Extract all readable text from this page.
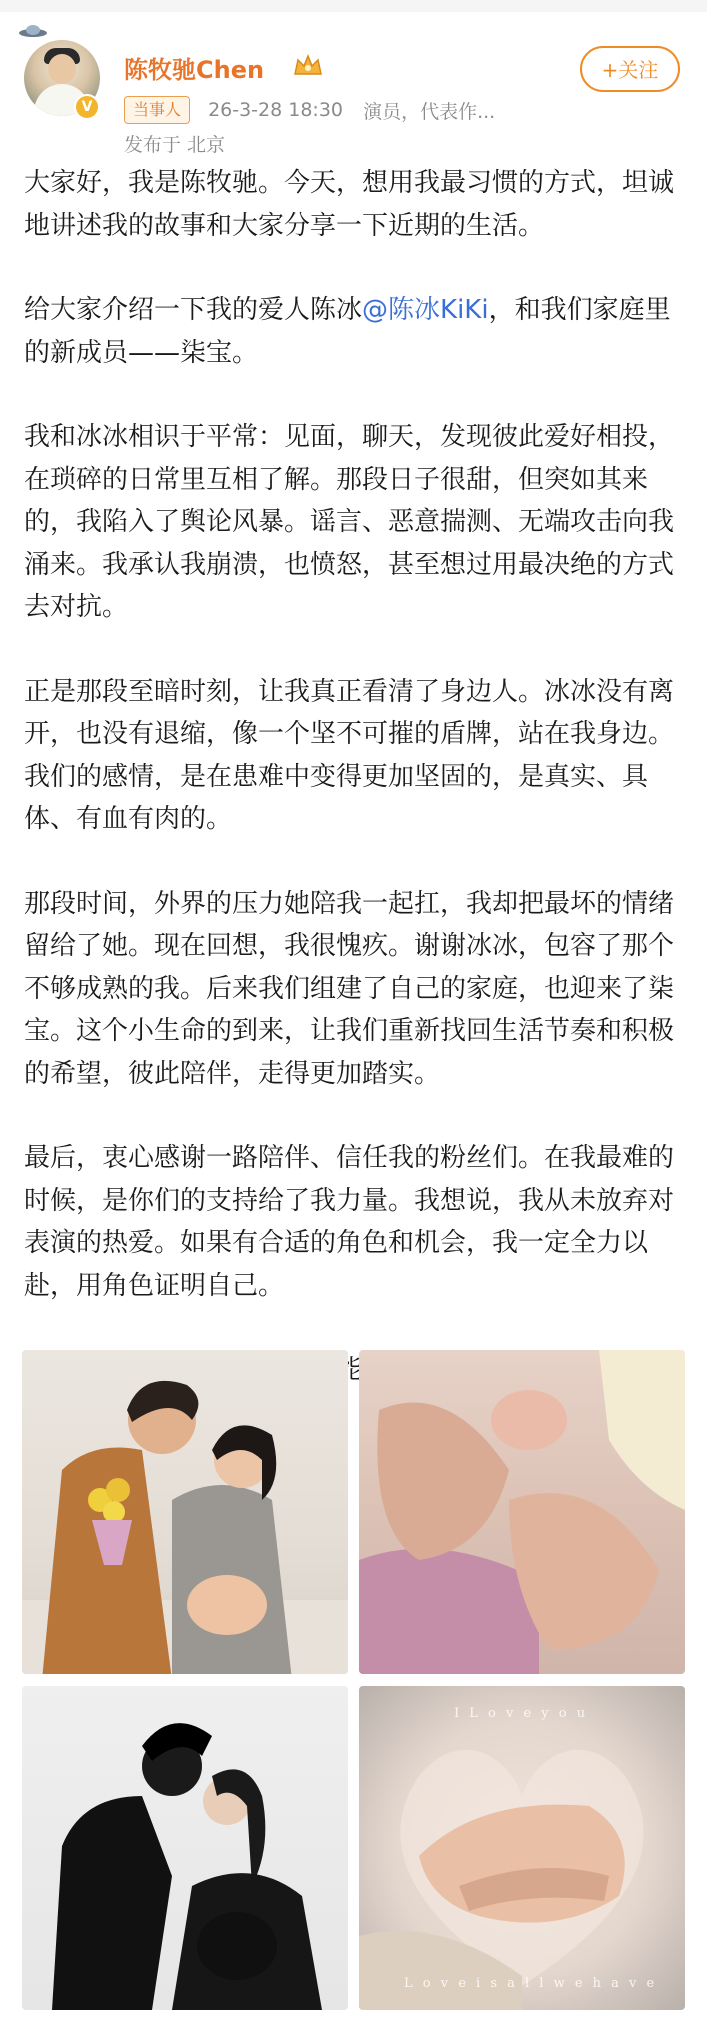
V
陈牧驰Chen
当事人 26-3-28 18:30 演员，代表作...
发布于 北京
+关注

大家好，我是陈牧驰。今天，想用我最习惯的方式，坦诚地讲述我的故事和大家分享一下近期的生活。

给大家介绍一下我的爱人陈冰@陈冰KiKi，和我们家庭里的新成员——柒宝。

我和冰冰相识于平常：见面，聊天，发现彼此爱好相投，在琐碎的日常里互相了解。那段日子很甜，但突如其来的，我陷入了舆论风暴。谣言、恶意揣测、无端攻击向我涌来。我承认我崩溃，也愤怒，甚至想过用最决绝的方式去对抗。

正是那段至暗时刻，让我真正看清了身边人。冰冰没有离开，也没有退缩，像一个坚不可摧的盾牌，站在我身边。我们的感情，是在患难中变得更加坚固的，是真实、具体、有血有肉的。

那段时间，外界的压力她陪我一起扛，我却把最坏的情绪留给了她。现在回想，我很愧疚。谢谢冰冰，包容了那个不够成熟的我。后来我们组建了自己的家庭，也迎来了柒宝。这个小生命的到来，让我们重新找回生活节奏和积极的希望，彼此陪伴，走得更加踏实。

最后，衷心感谢一路陪伴、信任我的粉丝们。在我最难的时候，是你们的支持给了我力量。我想说，我从未放弃对表演的热爱。如果有合适的角色和机会，我一定全力以赴，用角色证明自己。

I L o v e y o u
L o v e i s a l l w e h a v e
